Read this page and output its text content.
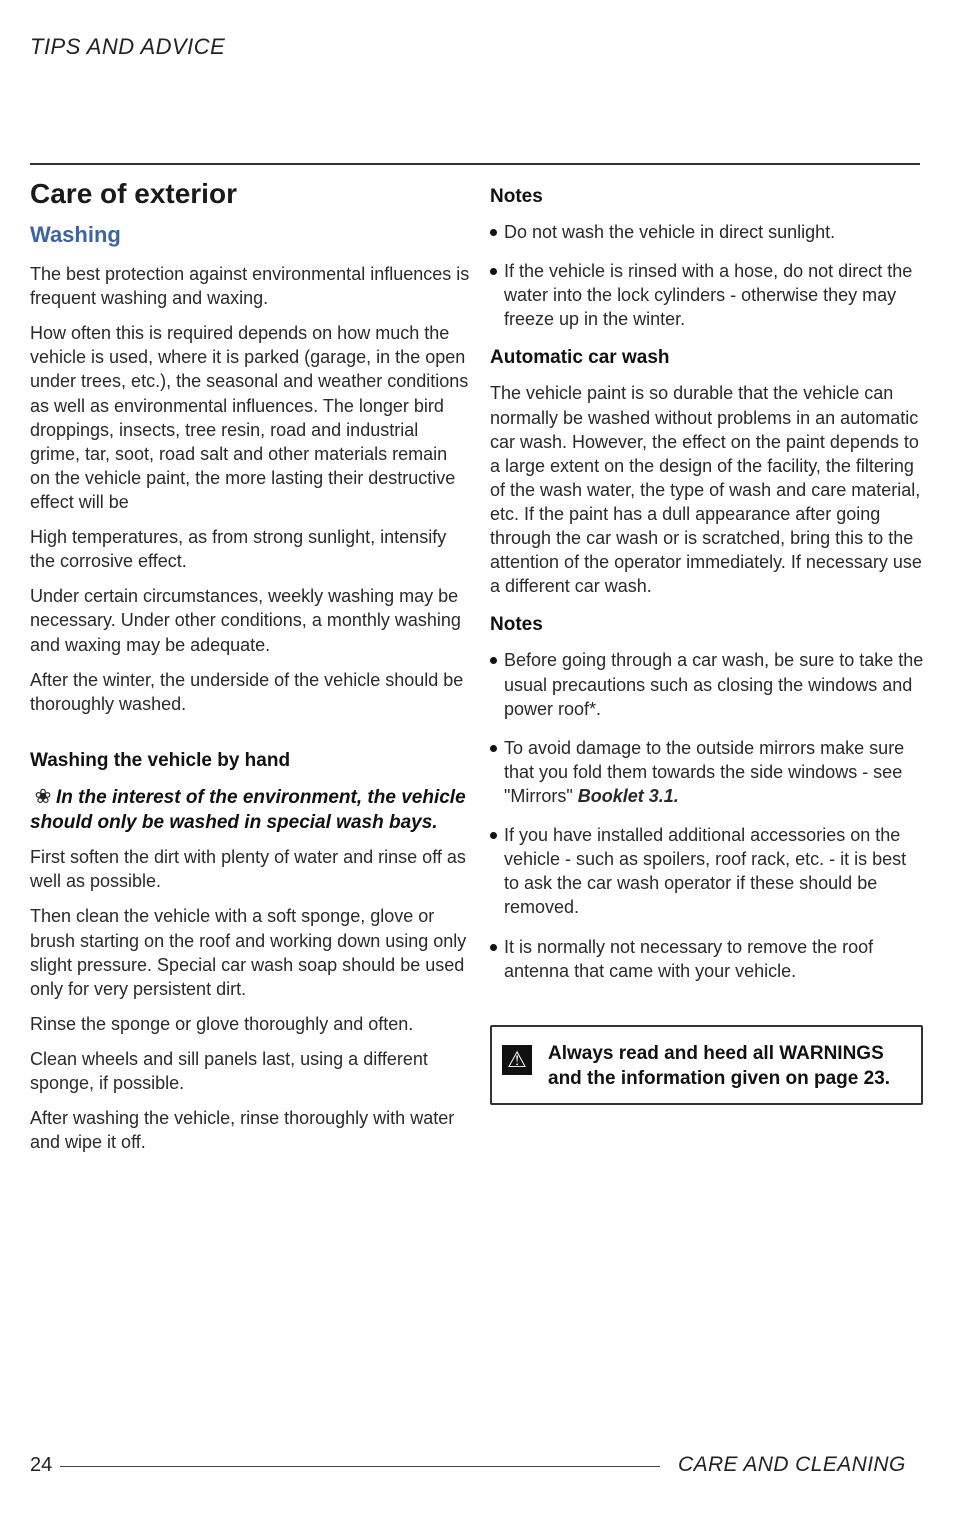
TIPS AND ADVICE
Care of exterior
Washing

The best protection against environmental influences is frequent washing and waxing.

How often this is required depends on how much the vehicle is used, where it is parked (garage, in the open under trees, etc.), the seasonal and weather conditions as well as environmental influences. The longer bird droppings, insects, tree resin, road and industrial grime, tar, soot, road salt and other materials remain on the vehicle paint, the more lasting their destructive effect will be

High temperatures, as from strong sunlight, intensify the corrosive effect.

Under certain circumstances, weekly washing may be necessary. Under other conditions, a monthly washing and waxing may be adequate.

After the winter, the underside of the vehicle should be thoroughly washed.

Washing the vehicle by hand
❀ In the interest of the environment, the vehicle should only be washed in special wash bays.

First soften the dirt with plenty of water and rinse off as well as possible.

Then clean the vehicle with a soft sponge, glove or brush starting on the roof and working down using only slight pressure. Special car wash soap should be used only for very persistent dirt.

Rinse the sponge or glove thoroughly and often.

Clean wheels and sill panels last, using a different sponge, if possible.

After washing the vehicle, rinse thoroughly with water and wipe it off.

Notes

Do not wash the vehicle in direct sunlight.

If the vehicle is rinsed with a hose, do not direct the water into the lock cylinders - otherwise they may freeze up in the winter.

Automatic car wash

The vehicle paint is so durable that the vehicle can normally be washed without problems in an automatic car wash. However, the effect on the paint depends to a large extent on the design of the facility, the filtering of the wash water, the type of wash and care material, etc. If the paint has a dull appearance after going through the car wash or is scratched, bring this to the attention of the operator immediately. If necessary use a different car wash.

Notes

Before going through a car wash, be sure to take the usual precautions such as closing the windows and power roof*.

To avoid damage to the outside mirrors make sure that you fold them towards the side windows - see "Mirrors" Booklet 3.1.

If you have installed additional accessories on the vehicle - such as spoilers, roof rack, etc. - it is best to ask the car wash operator if these should be removed.

It is normally not necessary to remove the roof antenna that came with your vehicle.

⚠ Always read and heed all WARNINGS and the information given on page 23.
24	CARE AND CLEANING
